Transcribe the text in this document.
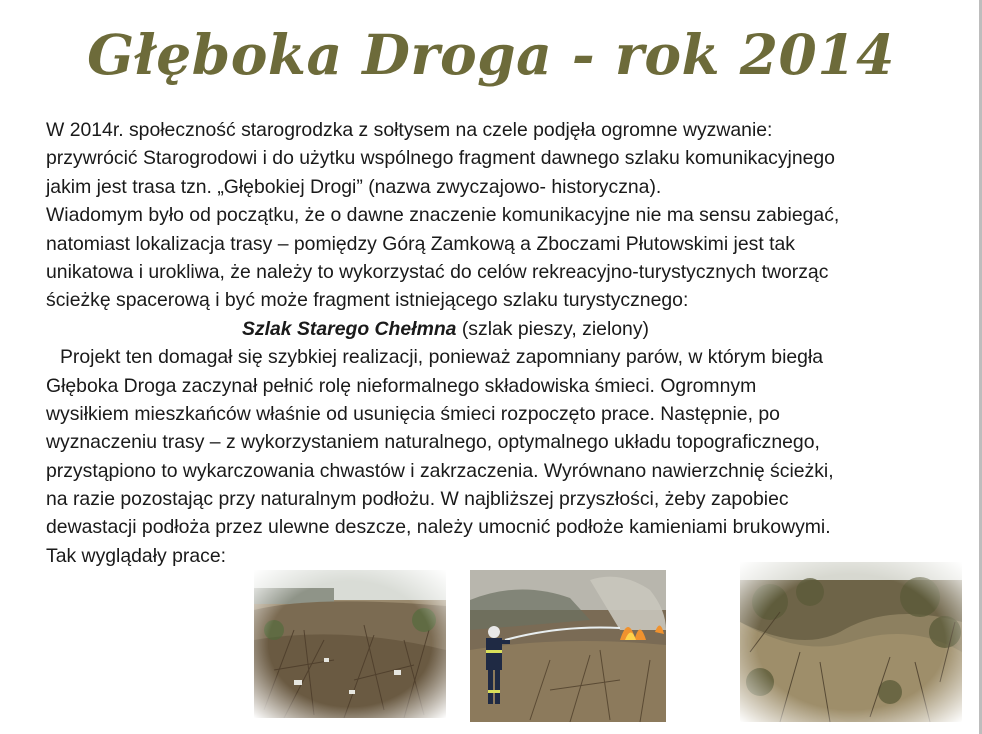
Głęboka Droga - rok 2014
W 2014r. społeczność starogrodzka z sołtysem na czele podjęła ogromne wyzwanie:
przywrócić Starogrodowi i do użytku wspólnego fragment dawnego szlaku komunikacyjnego
jakim jest trasa tzn. „Głębokiej Drogi” (nazwa zwyczajowo- historyczna).
Wiadomym było od początku, że o dawne znaczenie komunikacyjne nie ma sensu zabiegać,
natomiast lokalizacja trasy – pomiędzy Górą Zamkową a Zboczami Płutowskimi jest tak
unikatowa i urokliwa, że należy to wykorzystać do celów rekreacyjno-turystycznych tworząc
ścieżkę spacerową i być może fragment istniejącego szlaku turystycznego:
Szlak Starego Chełmna (szlak pieszy, zielony)
Projekt ten domagał się szybkiej realizacji, ponieważ zapomniany parów, w którym biegła
Głęboka Droga zaczynał pełnić rolę nieformalnego składowiska śmieci. Ogromnym
wysiłkiem mieszkańców właśnie od usunięcia śmieci rozpoczęto prace. Następnie, po
wyznaczeniu trasy – z wykorzystaniem naturalnego, optymalnego układu topograficznego,
przystąpiono to wykarczowania chwastów i zakrzaczenia. Wyrównano nawierzchnię ścieżki,
na razie pozostając przy naturalnym podłożu. W najbliższej przyszłości, żeby zapobiec
dewastacji podłoża przez ulewne deszcze, należy umocnić podłoże kamieniami brukowymi.
Tak wyglądały prace:
